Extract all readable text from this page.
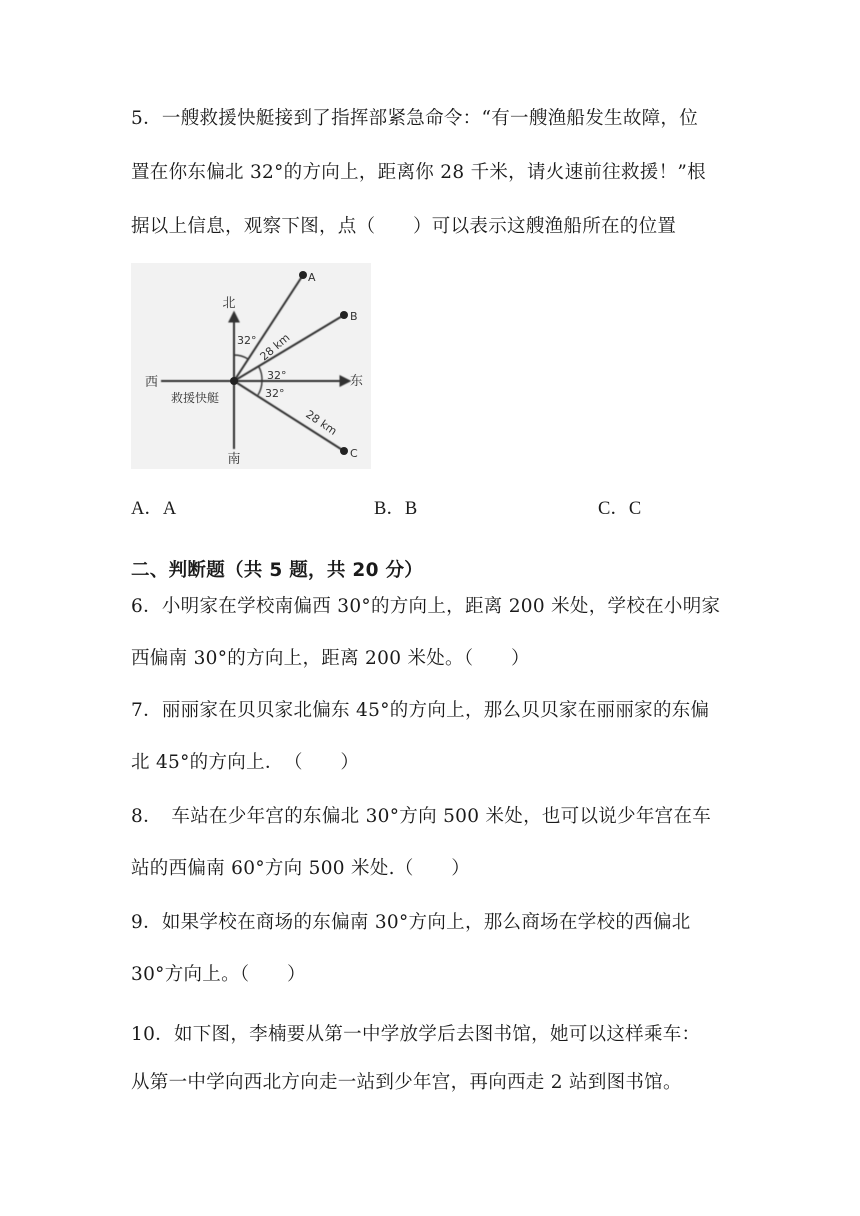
5．一艘救援快艇接到了指挥部紧急命令：“有一艘渔船发生故障，位
置在你东偏北 32°的方向上，距离你 28 千米，请火速前往救援！”根
据以上信息，观察下图，点（　　）可以表示这艘渔船所在的位置
北
南
东
西
救援快艇
32°
32°
32°
28 km
28 km
A
B
C
A．A	B．B	C．C
二、判断题（共 5 题，共 20 分）
6．小明家在学校南偏西 30°的方向上，距离 200 米处，学校在小明家
西偏南 30°的方向上，距离 200 米处。（　　）
7．丽丽家在贝贝家北偏东 45°的方向上，那么贝贝家在丽丽家的东偏
北 45°的方向上．　（　　）
8．　车站在少年宫的东偏北 30°方向 500 米处，也可以说少年宫在车
站的西偏南 60°方向 500 米处.（　　）
9．如果学校在商场的东偏南 30°方向上，那么商场在学校的西偏北
30°方向上。（　　）
10．如下图，李楠要从第一中学放学后去图书馆，她可以这样乘车：
从第一中学向西北方向走一站到少年宫，再向西走 2 站到图书馆。
